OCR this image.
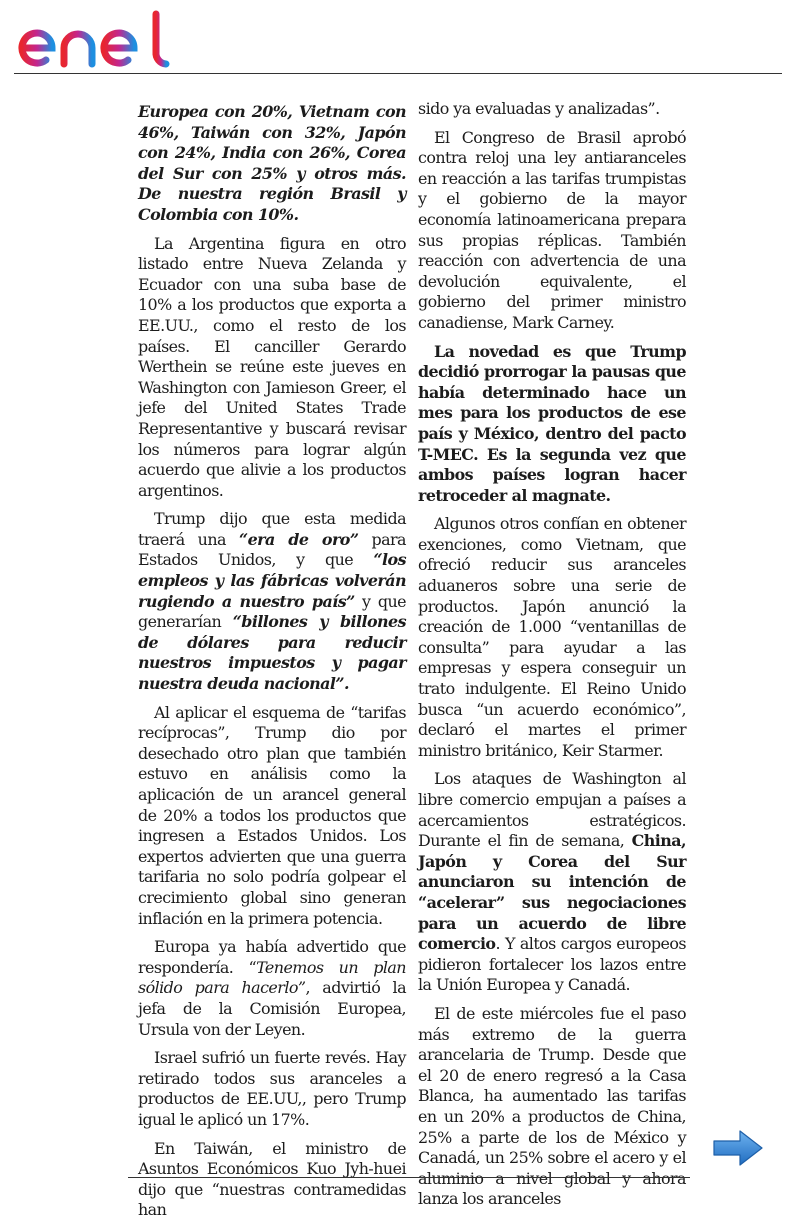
Europea con 20%, Vietnam con 46%, Taiwán con 32%, Japón con 24%, India con 26%, Corea del Sur con 25% y otros más. De nuestra región Brasil y Colombia con 10%.

La Argentina figura en otro listado entre Nueva Zelanda y Ecuador con una suba base de 10% a los productos que exporta a EE.UU., como el resto de los países. El canciller Gerardo Werthein se reúne este jueves en Washington con Jamieson Greer, el jefe del United States Trade Representantive y buscará revisar los números para lograr algún acuerdo que alivie a los productos argentinos.

Trump dijo que esta medida traerá una “era de oro” para Estados Unidos, y que “los empleos y las fábricas volverán rugiendo a nuestro país” y que generarían “billones y billones de dólares para reducir nuestros impuestos y pagar nuestra deuda nacional”.

Al aplicar el esquema de “tarifas recíprocas”, Trump dio por desechado otro plan que también estuvo en análisis como la aplicación de un arancel general de 20% a todos los productos que ingresen a Estados Unidos. Los expertos advierten que una guerra tarifaria no solo podría golpear el crecimiento global sino generan inflación en la primera potencia.

Europa ya había advertido que respondería. “Tenemos un plan sólido para hacerlo”, advirtió la jefa de la Comisión Europea, Ursula von der Leyen.

Israel sufrió un fuerte revés. Hay retirado todos sus aranceles a productos de EE.UU,, pero Trump igual le aplicó un 17%.

En Taiwán, el ministro de Asuntos Económicos Kuo Jyh-huei dijo que “nuestras contramedidas han

sido ya evaluadas y analizadas”.

El Congreso de Brasil aprobó contra reloj una ley antiaranceles en reacción a las tarifas trumpistas y el gobierno de la mayor economía latinoamericana prepara sus propias réplicas. También reacción con advertencia de una devolución equivalente, el gobierno del primer ministro canadiense, Mark Carney.

La novedad es que Trump decidió prorrogar la pausas que había determinado hace un mes para los productos de ese país y México, dentro del pacto T-MEC. Es la segunda vez que ambos países logran hacer retroceder al magnate.

Algunos otros confían en obtener exenciones, como Vietnam, que ofreció reducir sus aranceles aduaneros sobre una serie de productos. Japón anunció la creación de 1.000 “ventanillas de consulta” para ayudar a las empresas y espera conseguir un trato indulgente. El Reino Unido busca “un acuerdo económico”, declaró el martes el primer ministro británico, Keir Starmer.

Los ataques de Washington al libre comercio empujan a países a acercamientos estratégicos. Durante el fin de semana, China, Japón y Corea del Sur anunciaron su intención de “acelerar” sus negociaciones para un acuerdo de libre comercio. Y altos cargos europeos pidieron fortalecer los lazos entre la Unión Europea y Canadá.

El de este miércoles fue el paso más extremo de la guerra arancelaria de Trump. Desde que el 20 de enero regresó a la Casa Blanca, ha aumentado las tarifas en un 20% a productos de China, 25% a parte de los de México y Canadá, un 25% sobre el acero y el aluminio a nivel global y ahora lanza los aranceles
